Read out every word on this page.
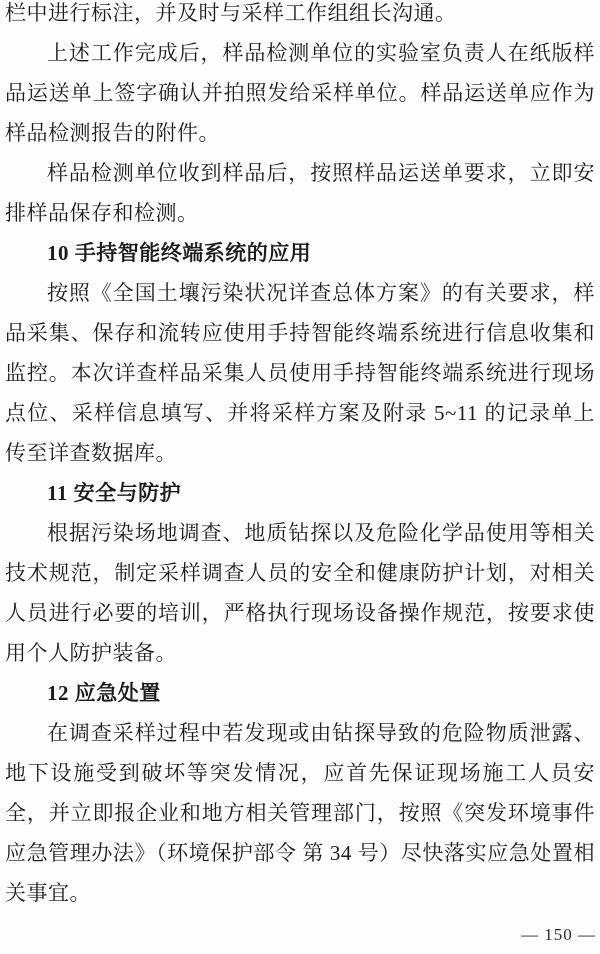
栏中进行标注，并及时与采样工作组组长沟通。

上述工作完成后，样品检测单位的实验室负责人在纸版样品运送单上签字确认并拍照发给采样单位。样品运送单应作为样品检测报告的附件。

样品检测单位收到样品后，按照样品运送单要求，立即安排样品保存和检测。

10 手持智能终端系统的应用

按照《全国土壤污染状况详查总体方案》的有关要求，样品采集、保存和流转应使用手持智能终端系统进行信息收集和监控。本次详查样品采集人员使用手持智能终端系统进行现场点位、采样信息填写、并将采样方案及附录 5~11 的记录单上传至详查数据库。

11 安全与防护

根据污染场地调查、地质钻探以及危险化学品使用等相关技术规范，制定采样调查人员的安全和健康防护计划，对相关人员进行必要的培训，严格执行现场设备操作规范，按要求使用个人防护装备。

12 应急处置

在调查采样过程中若发现或由钻探导致的危险物质泄露、地下设施受到破坏等突发情况，应首先保证现场施工人员安全，并立即报企业和地方相关管理部门，按照《突发环境事件应急管理办法》（环境保护部令 第 34 号）尽快落实应急处置相关事宜。

— 150 —
